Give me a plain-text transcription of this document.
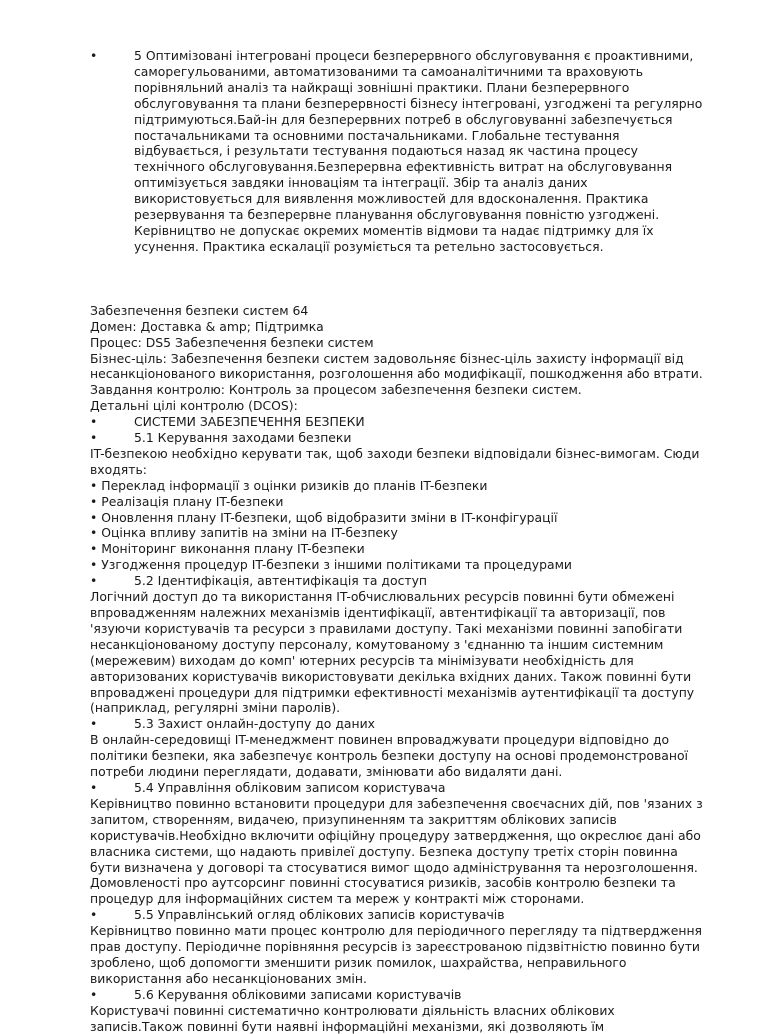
•	5 Оптимізовані інтегровані процеси безперервного обслуговування є проактивними, саморегульованими, автоматизованими та самоаналітичними та враховують порівняльний аналіз та найкращі зовнішні практики. Плани безперервного обслуговування та плани безперервності бізнесу інтегровані, узгоджені та регулярно підтримуються.Бай-ін для безперервних потреб в обслуговуванні забезпечується постачальниками та основними постачальниками. Глобальне тестування відбувається, і результати тестування подаються назад як частина процесу технічного обслуговування.Безперервна ефективність витрат на обслуговування оптимізується завдяки інноваціям та інтеграції. Збір та аналіз даних використовується для виявлення можливостей для вдосконалення. Практика резервування та безперервне планування обслуговування повністю узгоджені. Керівництво не допускає окремих моментів відмови та надає підтримку для їх усунення. Практика ескалації розуміється та ретельно застосовується.

Забезпечення безпеки систем 64

Домен: Доставка & amp; Підтримка

Процес: DS5 Забезпечення безпеки систем

Бізнес-ціль: Забезпечення безпеки систем задовольняє бізнес-ціль захисту інформації від несанкціонованого використання, розголошення або модифікації, пошкодження або втрати.

Завдання контролю: Контроль за процесом забезпечення безпеки систем.

Детальні цілі контролю (DCOS):

•	СИСТЕМИ ЗАБЕЗПЕЧЕННЯ БЕЗПЕКИ
•	5.1 Керування заходами безпеки

IT-безпекою необхідно керувати так, щоб заходи безпеки відповідали бізнес-вимогам. Сюди входять:

• Переклад інформації з оцінки ризиків до планів IT-безпеки

• Реалізація плану IT-безпеки

• Оновлення плану IT-безпеки, щоб відобразити зміни в IT-конфігурації

• Оцінка впливу запитів на зміни на IT-безпеку

• Моніторинг виконання плану IT-безпеки

• Узгодження процедур IT-безпеки з іншими політиками та процедурами

•	5.2 Ідентифікація, автентифікація та доступ

Логічний доступ до та використання IT-обчислювальних ресурсів повинні бути обмежені впровадженням належних механізмів ідентифікації, автентифікації та авторизації, пов 'язуючи користувачів та ресурси з правилами доступу. Такі механізми повинні запобігати несанкціонованому доступу персоналу, комутованому з 'єднанню та іншим системним (мережевим) виходам до комп' ютерних ресурсів та мінімізувати необхідність для авторизованих користувачів використовувати декілька вхідних даних. Також повинні бути впроваджені процедури для підтримки ефективності механізмів аутентифікації та доступу (наприклад, регулярні зміни паролів).

•	5.3 Захист онлайн-доступу до даних

В онлайн-середовищі IT-менеджмент повинен впроваджувати процедури відповідно до політики безпеки, яка забезпечує контроль безпеки доступу на основі продемонстрованої потреби людини переглядати, додавати, змінювати або видаляти дані.

•	5.4 Управління обліковим записом користувача

Керівництво повинно встановити процедури для забезпечення своєчасних дій, пов 'язаних з запитом, створенням, видачею, призупиненням та закриттям облікових записів користувачів.Необхідно включити офіційну процедуру затвердження, що окреслює дані або власника системи, що надають привілеї доступу. Безпека доступу третіх сторін повинна бути визначена у договорі та стосуватися вимог щодо адміністрування та нерозголошення. Домовленості про аутсорсинг повинні стосуватися ризиків, засобів контролю безпеки та процедур для інформаційних систем та мереж у контракті між сторонами.

•	5.5 Управлінський огляд облікових записів користувачів

Керівництво повинно мати процес контролю для періодичного перегляду та підтвердження прав доступу. Періодичне порівняння ресурсів із зареєстрованою підзвітністю повинно бути зроблено, щоб допомогти зменшити ризик помилок, шахрайства, неправильного використання або несанкціонованих змін.

•	5.6 Керування обліковими записами користувачів

Користувачі повинні систематично контролювати діяльність власних облікових записів.Також повинні бути наявні інформаційні механізми, які дозволяють їм
